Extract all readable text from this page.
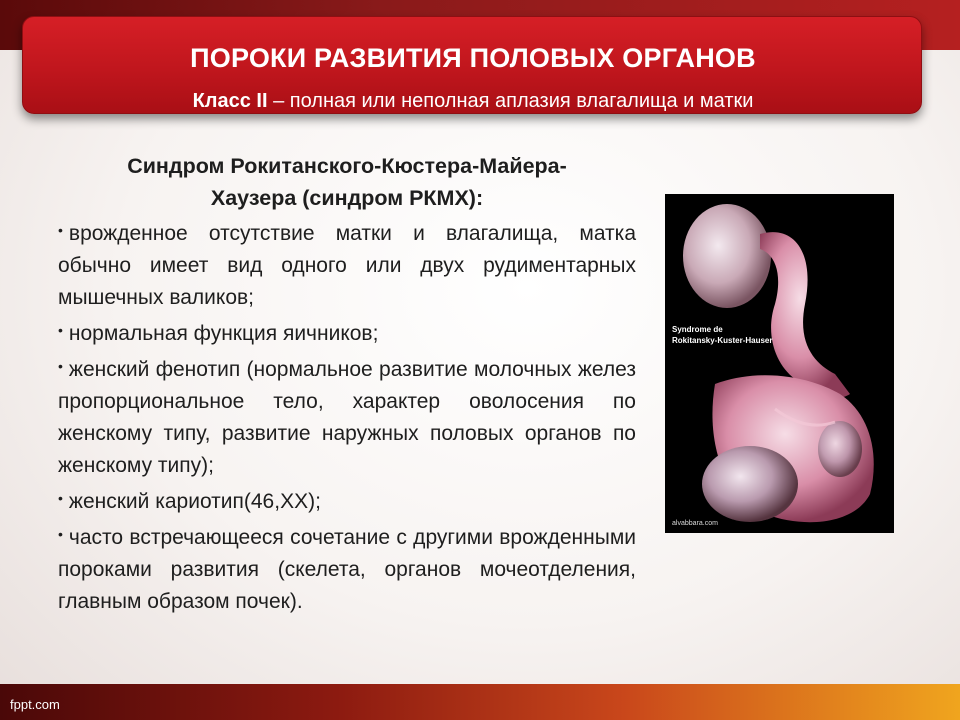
ПОРОКИ РАЗВИТИЯ ПОЛОВЫХ ОРГАНОВ
Класс II – полная или неполная аплазия влагалища и матки
Синдром Рокитанского-Кюстера-Майера-
Хаузера (синдром РКМХ):
• врожденное отсутствие матки и влагалища, матка обычно имеет вид одного или двух рудиментарных мышечных валиков;
• нормальная функция яичников;
• женский фенотип (нормальное развитие молочных желез пропорциональное тело, характер оволосения по женскому типу, развитие наружных половых органов по женскому типу);
• женский кариотип(46,XX);
• часто встречающееся сочетание с другими врожденными пороками развития (скелета, органов мочеотделения, главным образом почек).
Syndrome de
Rokitansky-Kuster-Hauser
alvabbara.com
fppt.com
